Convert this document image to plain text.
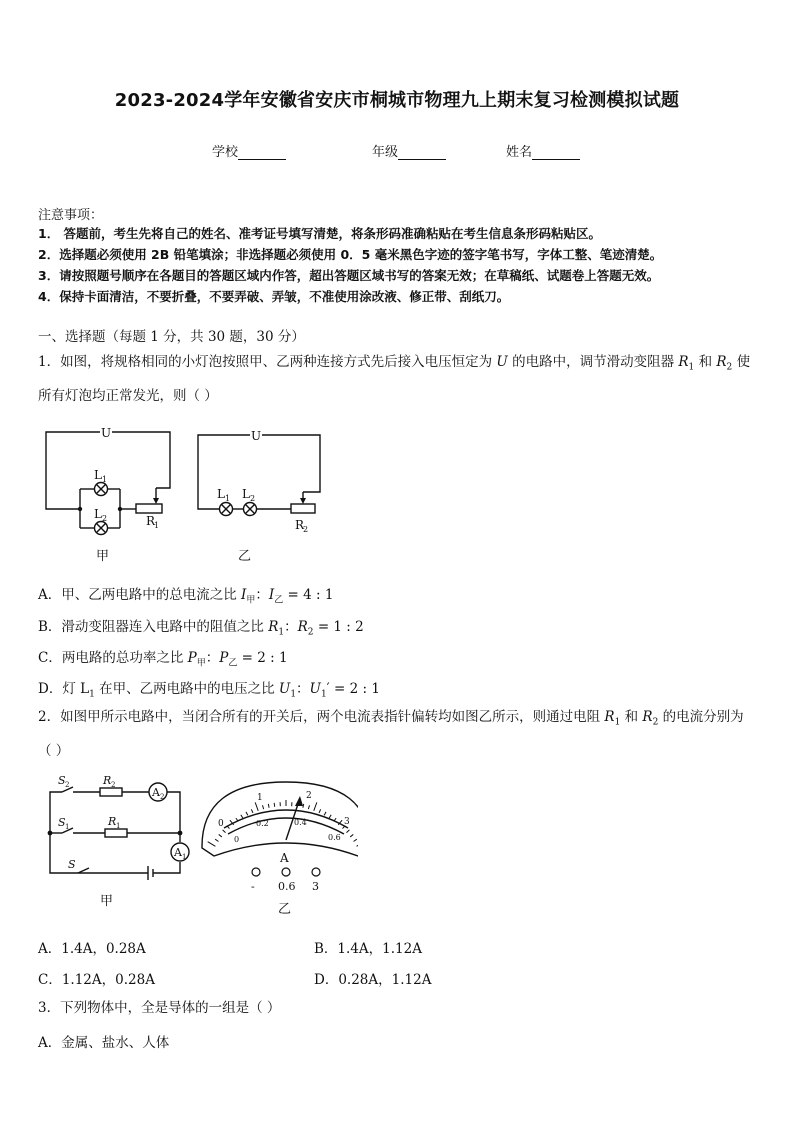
2023-2024学年安徽省安庆市桐城市物理九上期末复习检测模拟试题
学校	年级	姓名
注意事项：
1． 答题前，考生先将自己的姓名、准考证号填写清楚，将条形码准确粘贴在考生信息条形码粘贴区。
2．选择题必须使用 2B 铅笔填涂；非选择题必须使用 0．5 毫米黑色字迹的签字笔书写，字体工整、笔迹清楚。
3．请按照题号顺序在各题目的答题区域内作答，超出答题区域书写的答案无效；在草稿纸、试题卷上答题无效。
4．保持卡面清洁，不要折叠，不要弄破、弄皱，不准使用涂改液、修正带、刮纸刀。
一、选择题（每题 1 分，共 30 题，30 分）
1．如图，将规格相同的小灯泡按照甲、乙两种连接方式先后接入电压恒定为 U 的电路中，调节滑动变阻器 $R_1$ 和 $R_2$ 使
所有灯泡均正常发光，则（ ）
U	U
L 1
L 2	R
1
L 1 L 2
R
2
甲	乙
A．甲、乙两电路中的总电流之比 $I_甲$：$I_乙 = 4$ : 1
B．滑动变阻器连入电路中的阻值之比 $R_1$：$R_2 = 1$ : 2
C．两电路的总功率之比 $P_甲$：$P_乙 = 2$ : 1
D．灯 $L_1$ 在甲、乙两电路中的电压之比 $U_1$：$U_1' = 2$ : 1
2．如图甲所示电路中，当闭合所有的开关后，两个电流表指针偏转均如图乙所示，则通过电阻 $R_1$ 和 $R_2$ 的电流分别为
（ ）
S 2	R 2
A 2
S 1	R 1
A 1
S
甲
乙
A
- 0.6 3
0
1	2
3
0
0.2	0.4
0.6
A．1.4A，0.28A	B．1.4A，1.12A
C．1.12A，0.28A	D．0.28A，1.12A
3．下列物体中，全是导体的一组是（ ）
A．金属、盐水、人体
